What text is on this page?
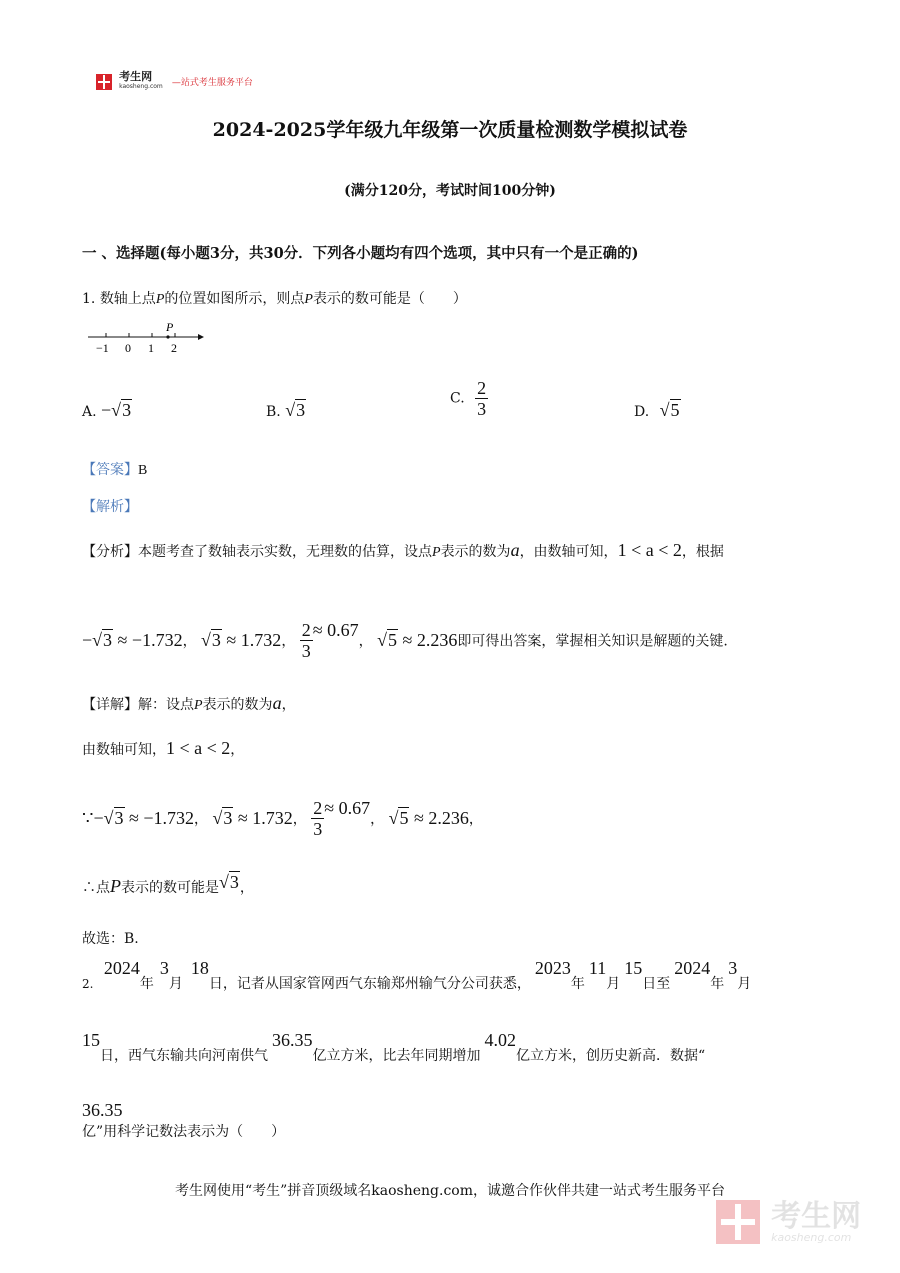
考生网
kaosheng.com —站式考生服务平台
2024-2025学年级九年级第一次质量检测数学模拟试卷
(满分120分，考试时间100分钟)
一 、选择题(每小题3分，共30分．下列各小题均有四个选项，其中只有一个是正确的)
1. 数轴上点P的位置如图所示，则点P表示的数可能是（　　）
P
−1 0 1 2
A. −√3	B. √3
C. $\frac{2}{3}$	D. √5
【答案】B
【解析】
【分析】本题考查了数轴表示实数，无理数的估算，设点P表示的数为a，由数轴可知，1 < a < 2，根据
−√3 ≈ −1.732， √3 ≈ 1.732， $\frac{2}{3} \approx 0.67$， √5 ≈ 2.236即可得出答案，掌握相关知识是解题的关键.
【详解】解：设点P表示的数为a，
由数轴可知，1 < a < 2，
∵−√3 ≈ −1.732， √3 ≈ 1.732， $\frac{2}{3} \approx 0.67$， √5 ≈ 2.236，
∴点P表示的数可能是√3，
故选：B.
2. 2024年3月18日，记者从国家管网西气东输郑州输气分公司获悉，2023年11月15日至2024年3月
15日，西气东输共向河南供气36.35亿立方米，比去年同期增加4.02亿立方米，创历史新高．数据“
36.35
亿”用科学记数法表示为（　　）
考生网使用“考生”拼音顶级域名kaosheng.com，诚邀合作伙伴共建一站式考生服务平台

考生网
kaosheng.com
